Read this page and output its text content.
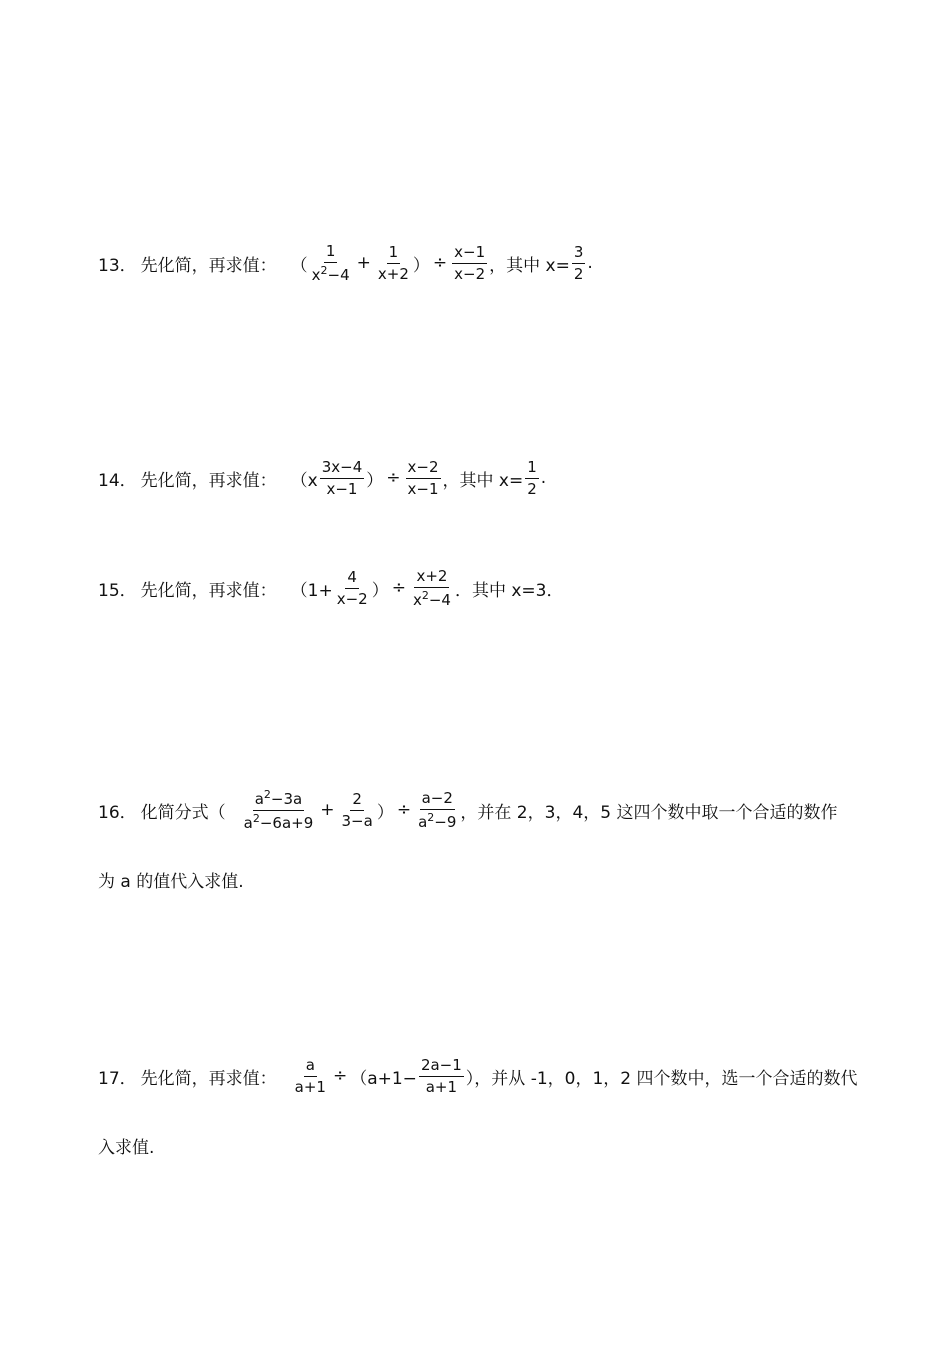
13． 先化简，再求值： （ $\frac{1}{x^2-4} + \frac{1}{x+2}$ ） ÷ $\frac{x-1}{x-2}$ ，其中 $x= \frac{3}{2}$ .
14． 先化简，再求值： （$x \frac{3x-4}{x-1}$ ） ÷ $\frac{x-2}{x-1}$ ，其中 $x= \frac{1}{2}$ .
15． 先化简，再求值： （$1+ \frac{4}{x-2}$ ） ÷ $\frac{x+2}{x^2-4}$ ．其中 x=3．
16． 化简分式（ $\frac{a^2-3a}{a^2-6a+9} + \frac{2}{3-a}$ ） ÷ $\frac{a-2}{a^2-9}$ ，并在 2，3，4，5 这四个数中取一个合适的数作
为 a 的值代入求值.
17． 先化简，再求值： $\frac{a}{a+1} \div (a+1- \frac{2a-1}{a+1}$ ），并从 -1，0，1，2 四个数中，选一个合适的数代
入求值.
